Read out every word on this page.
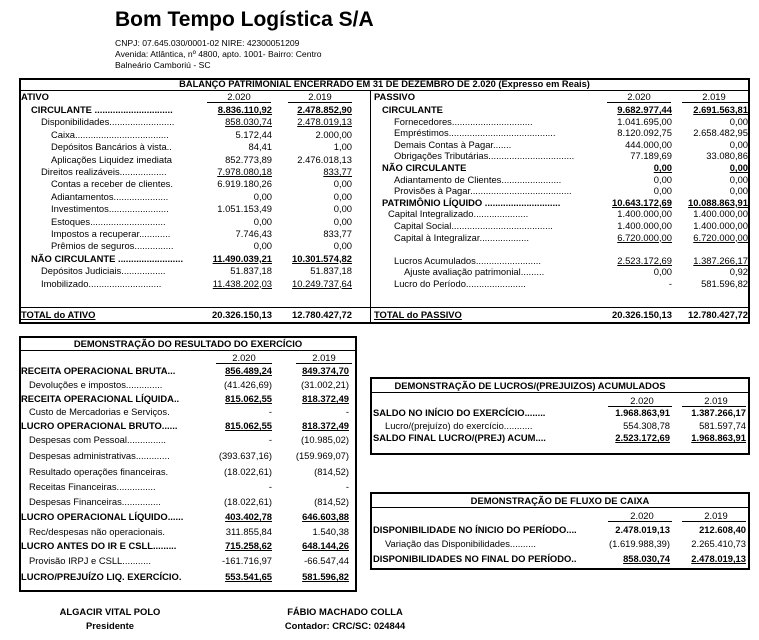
Bom Tempo Logística S/A
CNPJ: 07.645.030/0001-02 NIRE: 42300051209
Avenida: Atlântica, nº 4800, apto. 1001- Bairro: Centro
Balneário Camboriú - SC
BALANÇO PATRIMONIAL ENCERRADO EM 31 DE DEZEMBRO DE 2.020 (Expresso em Reais)
ATIVO	PASSIVO
2.020	2.019	2.020	2.019
CIRCULANTE ..............................	8.836.110,92	2.478.852,90
Disponibilidades.........................	858.030,74	2.478.019,13
Caixa....................................	5.172,44	2.000,00
Depósitos Bancários à vista..	84,41	1,00
Aplicações Liquidez imediata	852.773,89	2.476.018,13
Direitos realizáveis..................	7.978.080,18	833,77
Contas a receber de clientes.	6.919.180,26	0,00
Adiantamentos.....................	0,00	0,00
Investimentos.......................	1.051.153,49	0,00
Estoques.............................	0,00	0,00
Impostos a recuperar............	7.746,43	833,77
Prêmios de seguros...............	0,00	0,00
NÃO CIRCULANTE .........................	11.490.039,21	10.301.574,82
Depósitos Judiciais.................	51.837,18	51.837,18
Imobilizado............................	11.438.202,03	10.249.737,64
CIRCULANTE	9.682.977,44	2.691.563,81
Fornecedores...............................	1.041.695,00	0,00
Empréstimos.........................................	8.120.092,75	2.658.482,95
Demais Contas à Pagar.......	444.000,00	0,00
Obrigações Tributárias.................................	77.189,69	33.080,86
NÃO CIRCULANTE	0,00	0,00
Adiantamento de Clientes.......................	0,00	0,00
Provisões à Pagar.......................................	0,00	0,00
PATRIMÔNIO LÍQUIDO .............................	10.643.172,69	10.088.863,91
Capital Integralizado.....................	1.400.000,00	1.400.000,00
Capital Social.......................................	1.400.000,00	1.400.000,00
Capital à Integralizar...................	6.720.000,00	6.720.000,00
Lucros Acumulados.........................	2.523.172,69	1.387.266,17
Ajuste avaliação patrimonial.........	0,00	0,92
Lucro do Período.......................	-	581.596,82
TOTAL do ATIVO	20.326.150,13	12.780.427,72 TOTAL do PASSIVO	20.326.150,13	12.780.427,72
DEMONSTRAÇÃO DO RESULTADO DO EXERCÍCIO
2.020	2.019
RECEITA OPERACIONAL BRUTA...	856.489,24	849.374,70
Devoluções e impostos..............	(41.426,69)	(31.002,21)
RECEITA OPERACIONAL LÍQUIDA..	815.062,55	818.372,49
Custo de Mercadorias e Serviços.	-	-
LUCRO OPERACIONAL BRUTO......	815.062,55	818.372,49
Despesas com Pessoal...............	-	(10.985,02)
Despesas administrativas.............	(393.637,16)	(159.969,07)
Resultado operações financeiras.	(18.022,61)	(814,52)
Receitas Financeiras...............	-	-
Despesas Financeiras...............	(18.022,61)	(814,52)
LUCRO OPERACIONAL LÍQUIDO......	403.402,78	646.603,88
Rec/despesas não operacionais.	311.855,84	1.540,38
LUCRO ANTES DO IR E CSLL.........	715.258,62	648.144,26
Provisão IRPJ e CSLL...........	-161.716,97	-66.547,44
LUCRO/PREJUÍZO LIQ. EXERCÍCIO.	553.541,65	581.596,82
DEMONSTRAÇÃO DE LUCROS/(PREJUIZOS) ACUMULADOS
2.020	2.019
SALDO NO INÍCIO DO EXERCÍCIO........	1.968.863,91	1.387.266,17
Lucro/(prejuízo) do exercício...........	554.308,78	581.597,74
SALDO FINAL LUCRO/(PREJ) ACUM....	2.523.172,69	1.968.863,91
DEMONSTRAÇÃO DE FLUXO DE CAIXA
2.020	2.019
DISPONIBILIDADE NO ÍNICIO DO PERÍODO....	2.478.019,13	212.608,40
Variação das Disponibilidades..........	(1.619.988,39)	2.265.410,73
DISPONIBILIDADES NO FINAL DO PERÍODO..	858.030,74	2.478.019,13
ALGACIR VITAL POLO
Presidente
FÁBIO MACHADO COLLA
Contador: CRC/SC: 024844
